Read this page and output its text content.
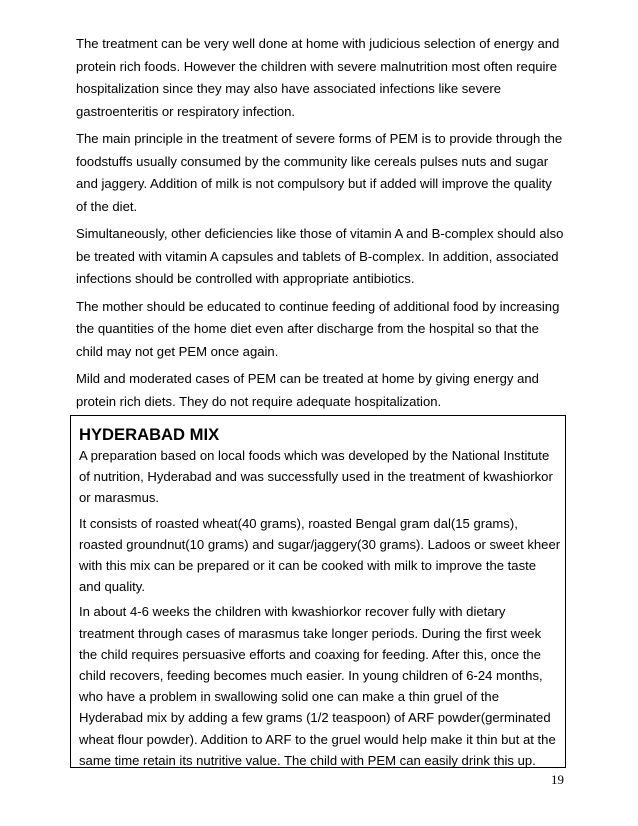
The treatment can be very well done at home with judicious selection of energy and protein rich foods. However the children with severe malnutrition most often require hospitalization since they may also have associated infections like severe gastroenteritis or respiratory infection.

The main principle in the treatment of severe forms of PEM is to provide through the foodstuffs usually consumed by the community like cereals pulses nuts and sugar and jaggery. Addition of milk is not compulsory but if added will improve the quality of the diet.

Simultaneously, other deficiencies like those of vitamin A and B-complex should also be treated with vitamin A capsules and tablets of B-complex. In addition, associated infections should be controlled with appropriate antibiotics.

The mother should be educated to continue feeding of additional food by increasing the quantities of the home diet even after discharge from the hospital so that the child may not get PEM once again.

Mild and moderated cases of PEM can be treated at home by giving energy and protein rich diets. They do not require adequate hospitalization.

HYDERABAD MIX

A preparation based on local foods which was developed by the National Institute of nutrition, Hyderabad and was successfully used in the treatment of kwashiorkor or marasmus.

It consists of roasted wheat(40 grams), roasted Bengal gram dal(15 grams), roasted groundnut(10 grams) and sugar/jaggery(30 grams). Ladoos or sweet kheer with this mix can be prepared or it can be cooked with milk to improve the taste and quality.

In about 4-6 weeks the children with kwashiorkor recover fully with dietary treatment through cases of marasmus take longer periods. During the first week the child requires persuasive efforts and coaxing for feeding. After this, once the child recovers, feeding becomes much easier. In young children of 6-24 months, who have a problem in swallowing solid one can make a thin gruel of the Hyderabad mix by adding a few grams (1/2 teaspoon) of ARF powder(germinated wheat flour powder). Addition to ARF to the gruel would help make it thin but at the same time retain its nutritive value. The child with PEM can easily drink this up.

19
